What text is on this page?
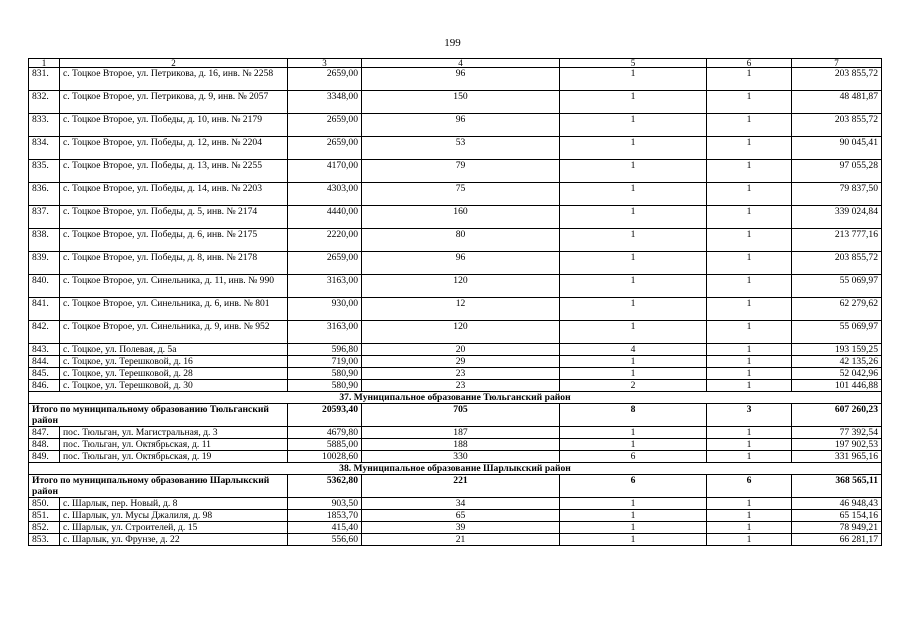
199
1	2	3	4	5	6	7
831.	с. Тоцкое Второе, ул. Петрикова, д. 16, инв. № 2258	2659,00	96	1	1	203 855,72
832.	с. Тоцкое Второе, ул. Петрикова, д. 9, инв. № 2057	3348,00	150	1	1	48 481,87
833.	с. Тоцкое Второе, ул. Победы, д. 10, инв. № 2179	2659,00	96	1	1	203 855,72
834.	с. Тоцкое Второе, ул. Победы, д. 12, инв. № 2204	2659,00	53	1	1	90 045,41
835.	с. Тоцкое Второе, ул. Победы, д. 13, инв. № 2255	4170,00	79	1	1	97 055,28
836.	с. Тоцкое Второе, ул. Победы, д. 14, инв. № 2203	4303,00	75	1	1	79 837,50
837.	с. Тоцкое Второе, ул. Победы, д. 5, инв. № 2174	4440,00	160	1	1	339 024,84
838.	с. Тоцкое Второе, ул. Победы, д. 6, инв. № 2175	2220,00	80	1	1	213 777,16
839.	с. Тоцкое Второе, ул. Победы, д. 8, инв. № 2178	2659,00	96	1	1	203 855,72
840.	с. Тоцкое Второе, ул. Синельника, д. 11, инв. № 990	3163,00	120	1	1	55 069,97
841.	с. Тоцкое Второе, ул. Синельника, д. 6, инв. № 801	930,00	12	1	1	62 279,62
842.	с. Тоцкое Второе, ул. Синельника, д. 9, инв. № 952	3163,00	120	1	1	55 069,97
843.	с. Тоцкое, ул. Полевая, д. 5а	596,80	20	4	1	193 159,25
844.	с. Тоцкое, ул. Терешковой, д. 16	719,00	29	1	1	42 135,26
845.	с. Тоцкое, ул. Терешковой, д. 28	580,90	23	1	1	52 042,96
846.	с. Тоцкое, ул. Терешковой, д. 30	580,90	23	2	1	101 446,88
37. Муниципальное образование Тюльганский район						
Итого по муниципальному образованию Тюльганский район		20593,40	705	8	3	607 260,23
847.	пос. Тюльган, ул. Магистральная, д. 3	4679,80	187	1	1	77 392,54
848.	пос. Тюльган, ул. Октябрьская, д. 11	5885,00	188	1	1	197 902,53
849.	пос. Тюльган, ул. Октябрьская, д. 19	10028,60	330	6	1	331 965,16
38. Муниципальное образование Шарлыкский район						
Итого по муниципальному образованию Шарлыкский район		5362,80	221	6	6	368 565,11
850.	с. Шарлык, пер. Новый, д. 8	903,50	34	1	1	46 948,43
851.	с. Шарлык, ул. Мусы Джалиля, д. 98	1853,70	65	1	1	65 154,16
852.	с. Шарлык, ул. Строителей, д. 15	415,40	39	1	1	78 949,21
853.	с. Шарлык, ул. Фрунзе, д. 22	556,60	21	1	1	66 281,17
